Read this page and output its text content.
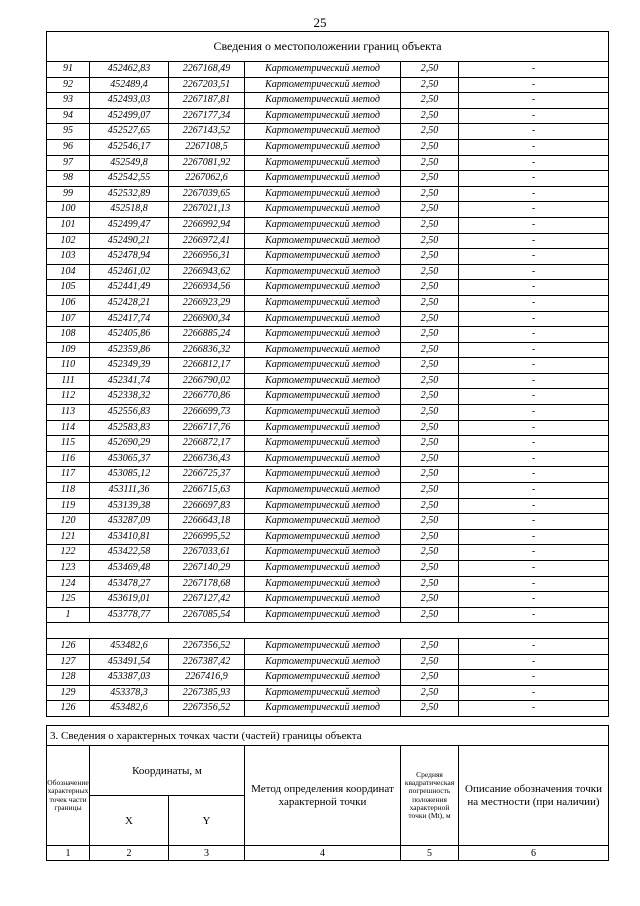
25
Сведения о местоположении границ объекта					
91	452462,83	2267168,49	Картометрический метод	2,50	-
92	452489,4	2267203,51	Картометрический метод	2,50	-
93	452493,03	2267187,81	Картометрический метод	2,50	-
94	452499,07	2267177,34	Картометрический метод	2,50	-
95	452527,65	2267143,52	Картометрический метод	2,50	-
96	452546,17	2267108,5	Картометрический метод	2,50	-
97	452549,8	2267081,92	Картометрический метод	2,50	-
98	452542,55	2267062,6	Картометрический метод	2,50	-
99	452532,89	2267039,65	Картометрический метод	2,50	-
100	452518,8	2267021,13	Картометрический метод	2,50	-
101	452499,47	2266992,94	Картометрический метод	2,50	-
102	452490,21	2266972,41	Картометрический метод	2,50	-
103	452478,94	2266956,31	Картометрический метод	2,50	-
104	452461,02	2266943,62	Картометрический метод	2,50	-
105	452441,49	2266934,56	Картометрический метод	2,50	-
106	452428,21	2266923,29	Картометрический метод	2,50	-
107	452417,74	2266900,34	Картометрический метод	2,50	-
108	452405,86	2266885,24	Картометрический метод	2,50	-
109	452359,86	2266836,32	Картометрический метод	2,50	-
110	452349,39	2266812,17	Картометрический метод	2,50	-
111	452341,74	2266790,02	Картометрический метод	2,50	-
112	452338,32	2266770,86	Картометрический метод	2,50	-
113	452556,83	2266699,73	Картометрический метод	2,50	-
114	452583,83	2266717,76	Картометрический метод	2,50	-
115	452690,29	2266872,17	Картометрический метод	2,50	-
116	453065,37	2266736,43	Картометрический метод	2,50	-
117	453085,12	2266725,37	Картометрический метод	2,50	-
118	453111,36	2266715,63	Картометрический метод	2,50	-
119	453139,38	2266697,83	Картометрический метод	2,50	-
120	453287,09	2266643,18	Картометрический метод	2,50	-
121	453410,81	2266995,52	Картометрический метод	2,50	-
122	453422,58	2267033,61	Картометрический метод	2,50	-
123	453469,48	2267140,29	Картометрический метод	2,50	-
124	453478,27	2267178,68	Картометрический метод	2,50	-
125	453619,01	2267127,42	Картометрический метод	2,50	-
1	453778,77	2267085,54	Картометрический метод	2,50	-

126	453482,6	2267356,52	Картометрический метод	2,50	-
127	453491,54	2267387,42	Картометрический метод	2,50	-
128	453387,03	2267416,9	Картометрический метод	2,50	-
129	453378,3	2267385,93	Картометрический метод	2,50	-
126	453482,6	2267356,52	Картометрический метод	2,50	-
3. Сведения о характерных точках части (частей) границы объекта					
Обозначение характерных точек части границы	Координаты, м		Метод определения координат характерной точки	Средняя квадратическая погрешность положения характерной точки (Мt), м	Описание обозначения точки на местности (при наличии)
	X	Y			
1	2	3	4	5	6
